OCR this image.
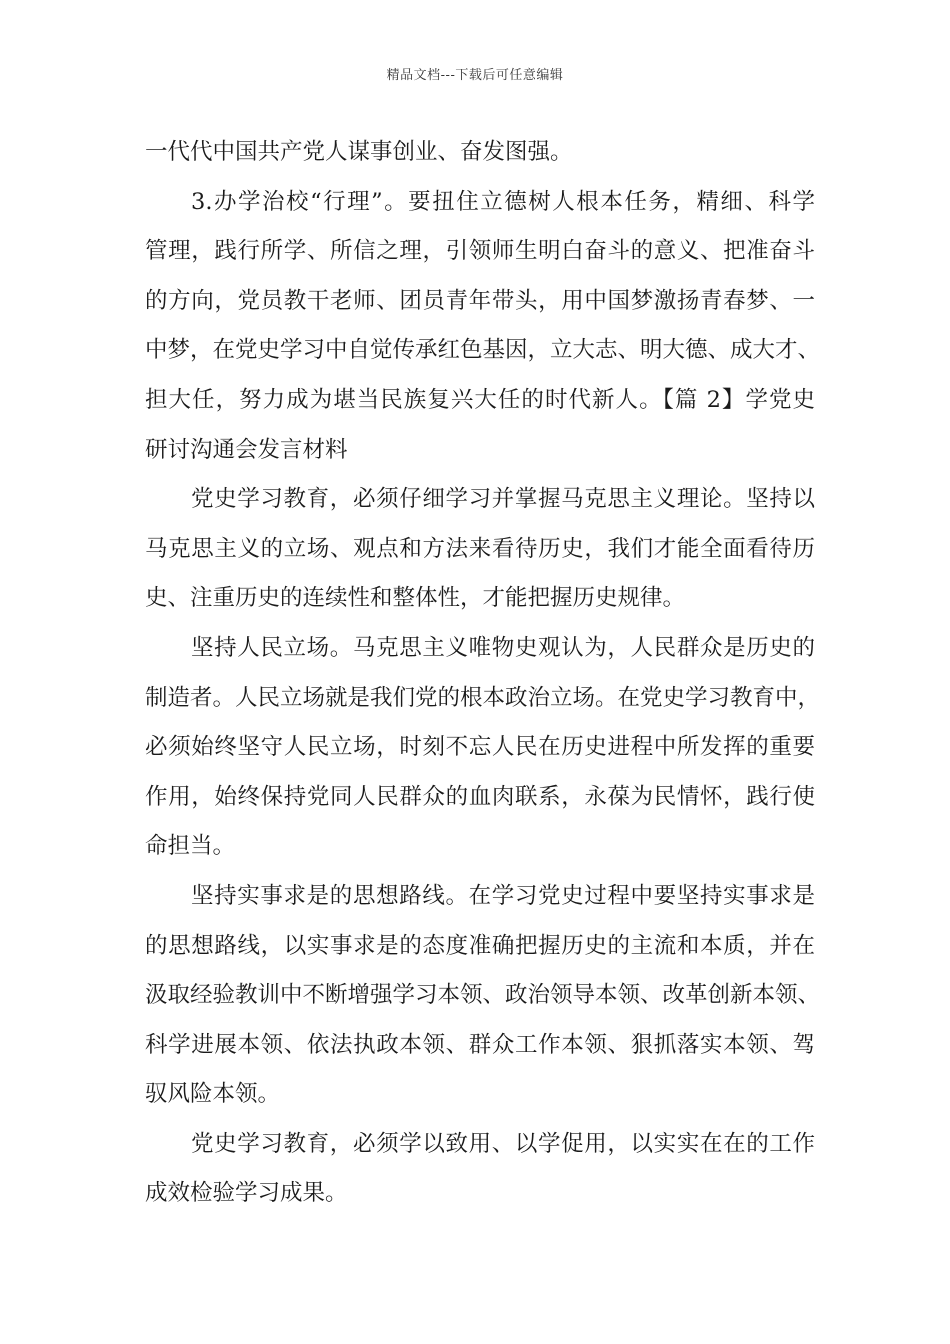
精品文档---下载后可任意编辑
一代代中国共产党人谋事创业、奋发图强。
3.办学治校“行理”。要扭住立德树人根本任务，精细、科学
管理，践行所学、所信之理，引领师生明白奋斗的意义、把准奋斗
的方向，党员教干老师、团员青年带头，用中国梦激扬青春梦、一
中梦，在党史学习中自觉传承红色基因，立大志、明大德、成大才、
担大任，努力成为堪当民族复兴大任的时代新人。【篇 2】学党史
研讨沟通会发言材料
党史学习教育，必须仔细学习并掌握马克思主义理论。坚持以
马克思主义的立场、观点和方法来看待历史，我们才能全面看待历
史、注重历史的连续性和整体性，才能把握历史规律。
坚持人民立场。马克思主义唯物史观认为，人民群众是历史的
制造者。人民立场就是我们党的根本政治立场。在党史学习教育中，
必须始终坚守人民立场，时刻不忘人民在历史进程中所发挥的重要
作用，始终保持党同人民群众的血肉联系，永葆为民情怀，践行使
命担当。
坚持实事求是的思想路线。在学习党史过程中要坚持实事求是
的思想路线，以实事求是的态度准确把握历史的主流和本质，并在
汲取经验教训中不断增强学习本领、政治领导本领、改革创新本领、
科学进展本领、依法执政本领、群众工作本领、狠抓落实本领、驾
驭风险本领。
党史学习教育，必须学以致用、以学促用，以实实在在的工作
成效检验学习成果。
